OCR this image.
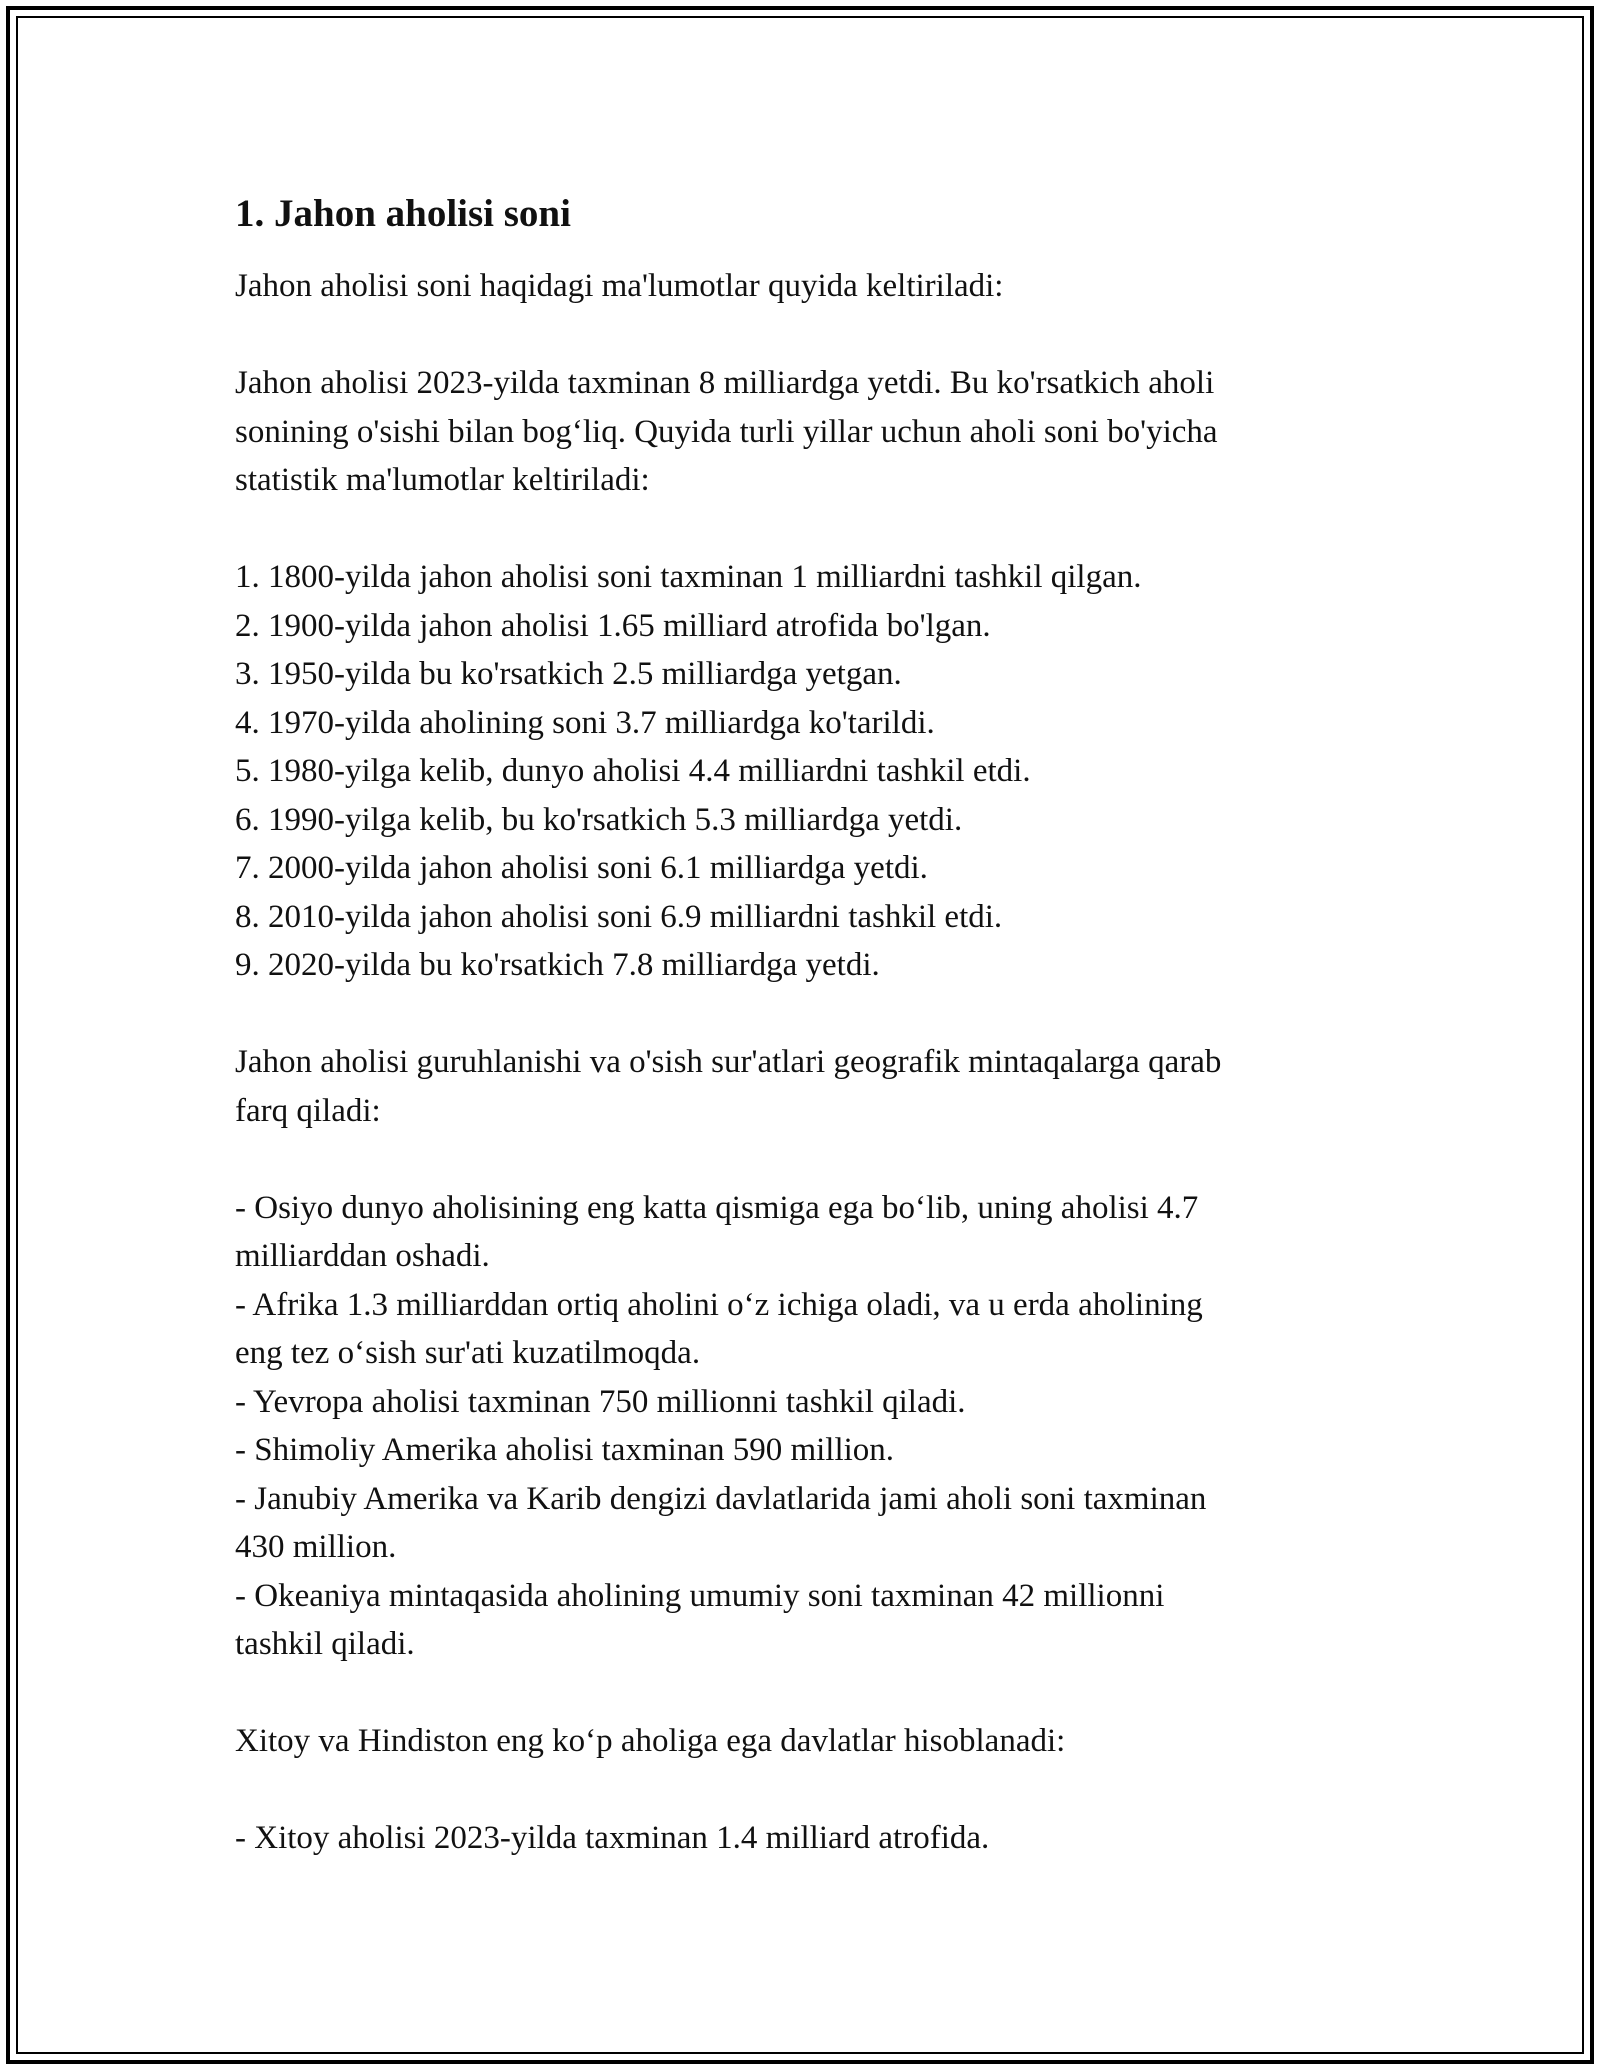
1. Jahon aholisi soni

Jahon aholisi soni haqidagi ma'lumotlar quyida keltiriladi:

Jahon aholisi 2023-yilda taxminan 8 milliardga yetdi. Bu ko'rsatkich aholi
sonining o'sishi bilan bog‘liq. Quyida turli yillar uchun aholi soni bo'yicha
statistik ma'lumotlar keltiriladi:
1. 1800-yilda jahon aholisi soni taxminan 1 milliardni tashkil qilgan.
2. 1900-yilda jahon aholisi 1.65 milliard atrofida bo'lgan.
3. 1950-yilda bu ko'rsatkich 2.5 milliardga yetgan.
4. 1970-yilda aholining soni 3.7 milliardga ko'tarildi.
5. 1980-yilga kelib, dunyo aholisi 4.4 milliardni tashkil etdi.
6. 1990-yilga kelib, bu ko'rsatkich 5.3 milliardga yetdi.
7. 2000-yilda jahon aholisi soni 6.1 milliardga yetdi.
8. 2010-yilda jahon aholisi soni 6.9 milliardni tashkil etdi.
9. 2020-yilda bu ko'rsatkich 7.8 milliardga yetdi.
Jahon aholisi guruhlanishi va o'sish sur'atlari geografik mintaqalarga qarab
farq qiladi:
- Osiyo dunyo aholisining eng katta qismiga ega bo‘lib, uning aholisi 4.7
milliarddan oshadi.
- Afrika 1.3 milliarddan ortiq aholini o‘z ichiga oladi, va u erda aholining
eng tez o‘sish sur'ati kuzatilmoqda.
- Yevropa aholisi taxminan 750 millionni tashkil qiladi.
- Shimoliy Amerika aholisi taxminan 590 million.
- Janubiy Amerika va Karib dengizi davlatlarida jami aholi soni taxminan
430 million.
- Okeaniya mintaqasida aholining umumiy soni taxminan 42 millionni
tashkil qiladi.

Xitoy va Hindiston eng ko‘p aholiga ega davlatlar hisoblanadi:

- Xitoy aholisi 2023-yilda taxminan 1.4 milliard atrofida.
